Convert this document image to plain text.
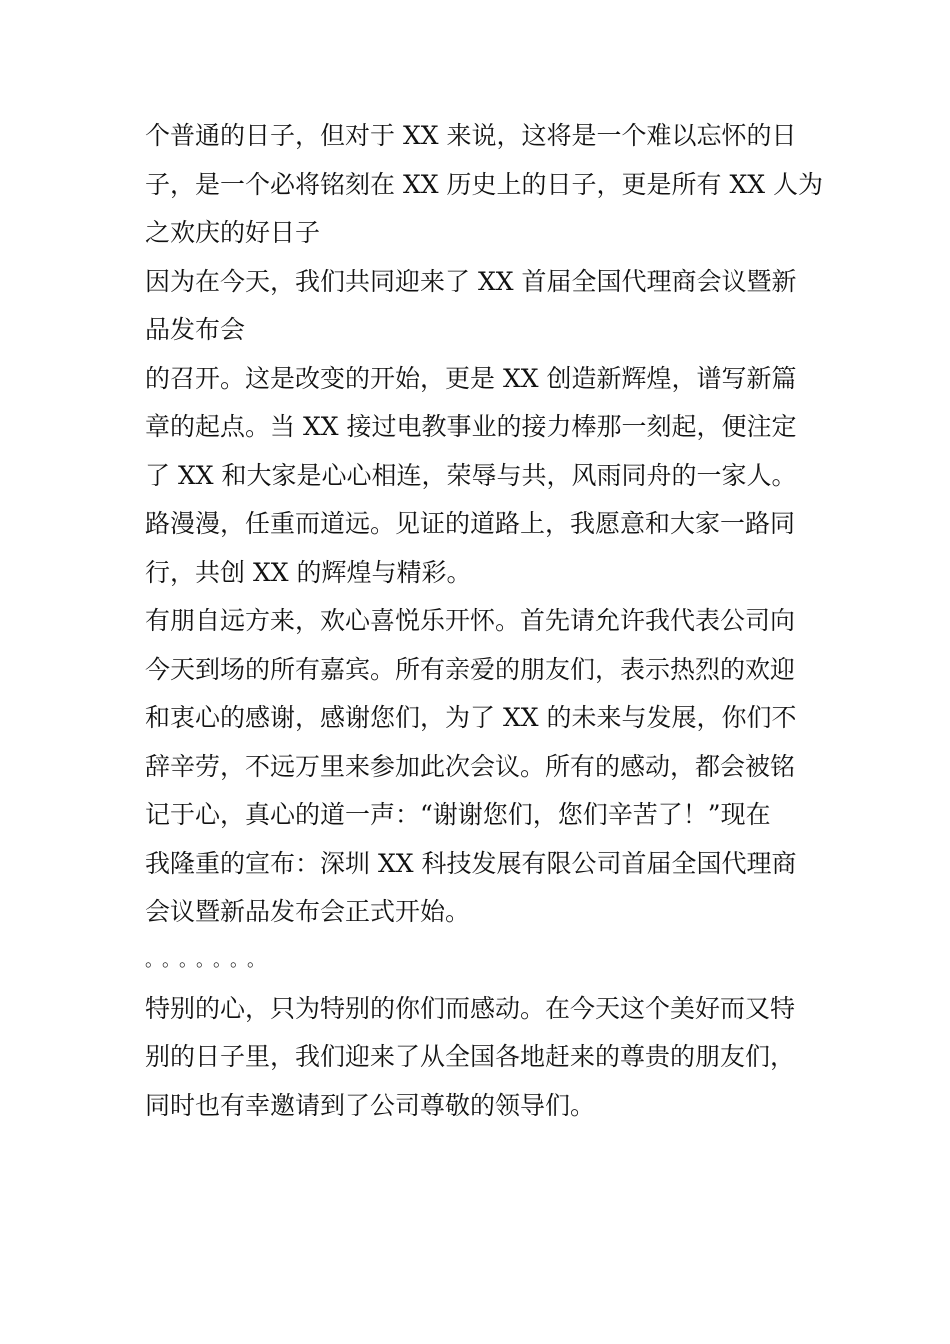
个普通的日子，但对于 XX 来说，这将是一个难以忘怀的日

子，是一个必将铭刻在 XX 历史上的日子，更是所有 XX 人为

之欢庆的好日子

因为在今天，我们共同迎来了 XX 首届全国代理商会议暨新

品发布会

的召开。这是改变的开始，更是 XX 创造新辉煌，谱写新篇

章的起点。当 XX 接过电教事业的接力棒那一刻起，便注定

了 XX 和大家是心心相连，荣辱与共，风雨同舟的一家人。

路漫漫，任重而道远。见证的道路上，我愿意和大家一路同

行，共创 XX 的辉煌与精彩。

有朋自远方来，欢心喜悦乐开怀。首先请允许我代表公司向

今天到场的所有嘉宾。所有亲爱的朋友们，表示热烈的欢迎

和衷心的感谢，感谢您们，为了 XX 的未来与发展，你们不

辞辛劳，不远万里来参加此次会议。所有的感动，都会被铭

记于心，真心的道一声：“谢谢您们，您们辛苦了！”现在

我隆重的宣布：深圳 XX 科技发展有限公司首届全国代理商

会议暨新品发布会正式开始。

。。。。。。。

特别的心，只为特别的你们而感动。在今天这个美好而又特

别的日子里，我们迎来了从全国各地赶来的尊贵的朋友们，

同时也有幸邀请到了公司尊敬的领导们。
